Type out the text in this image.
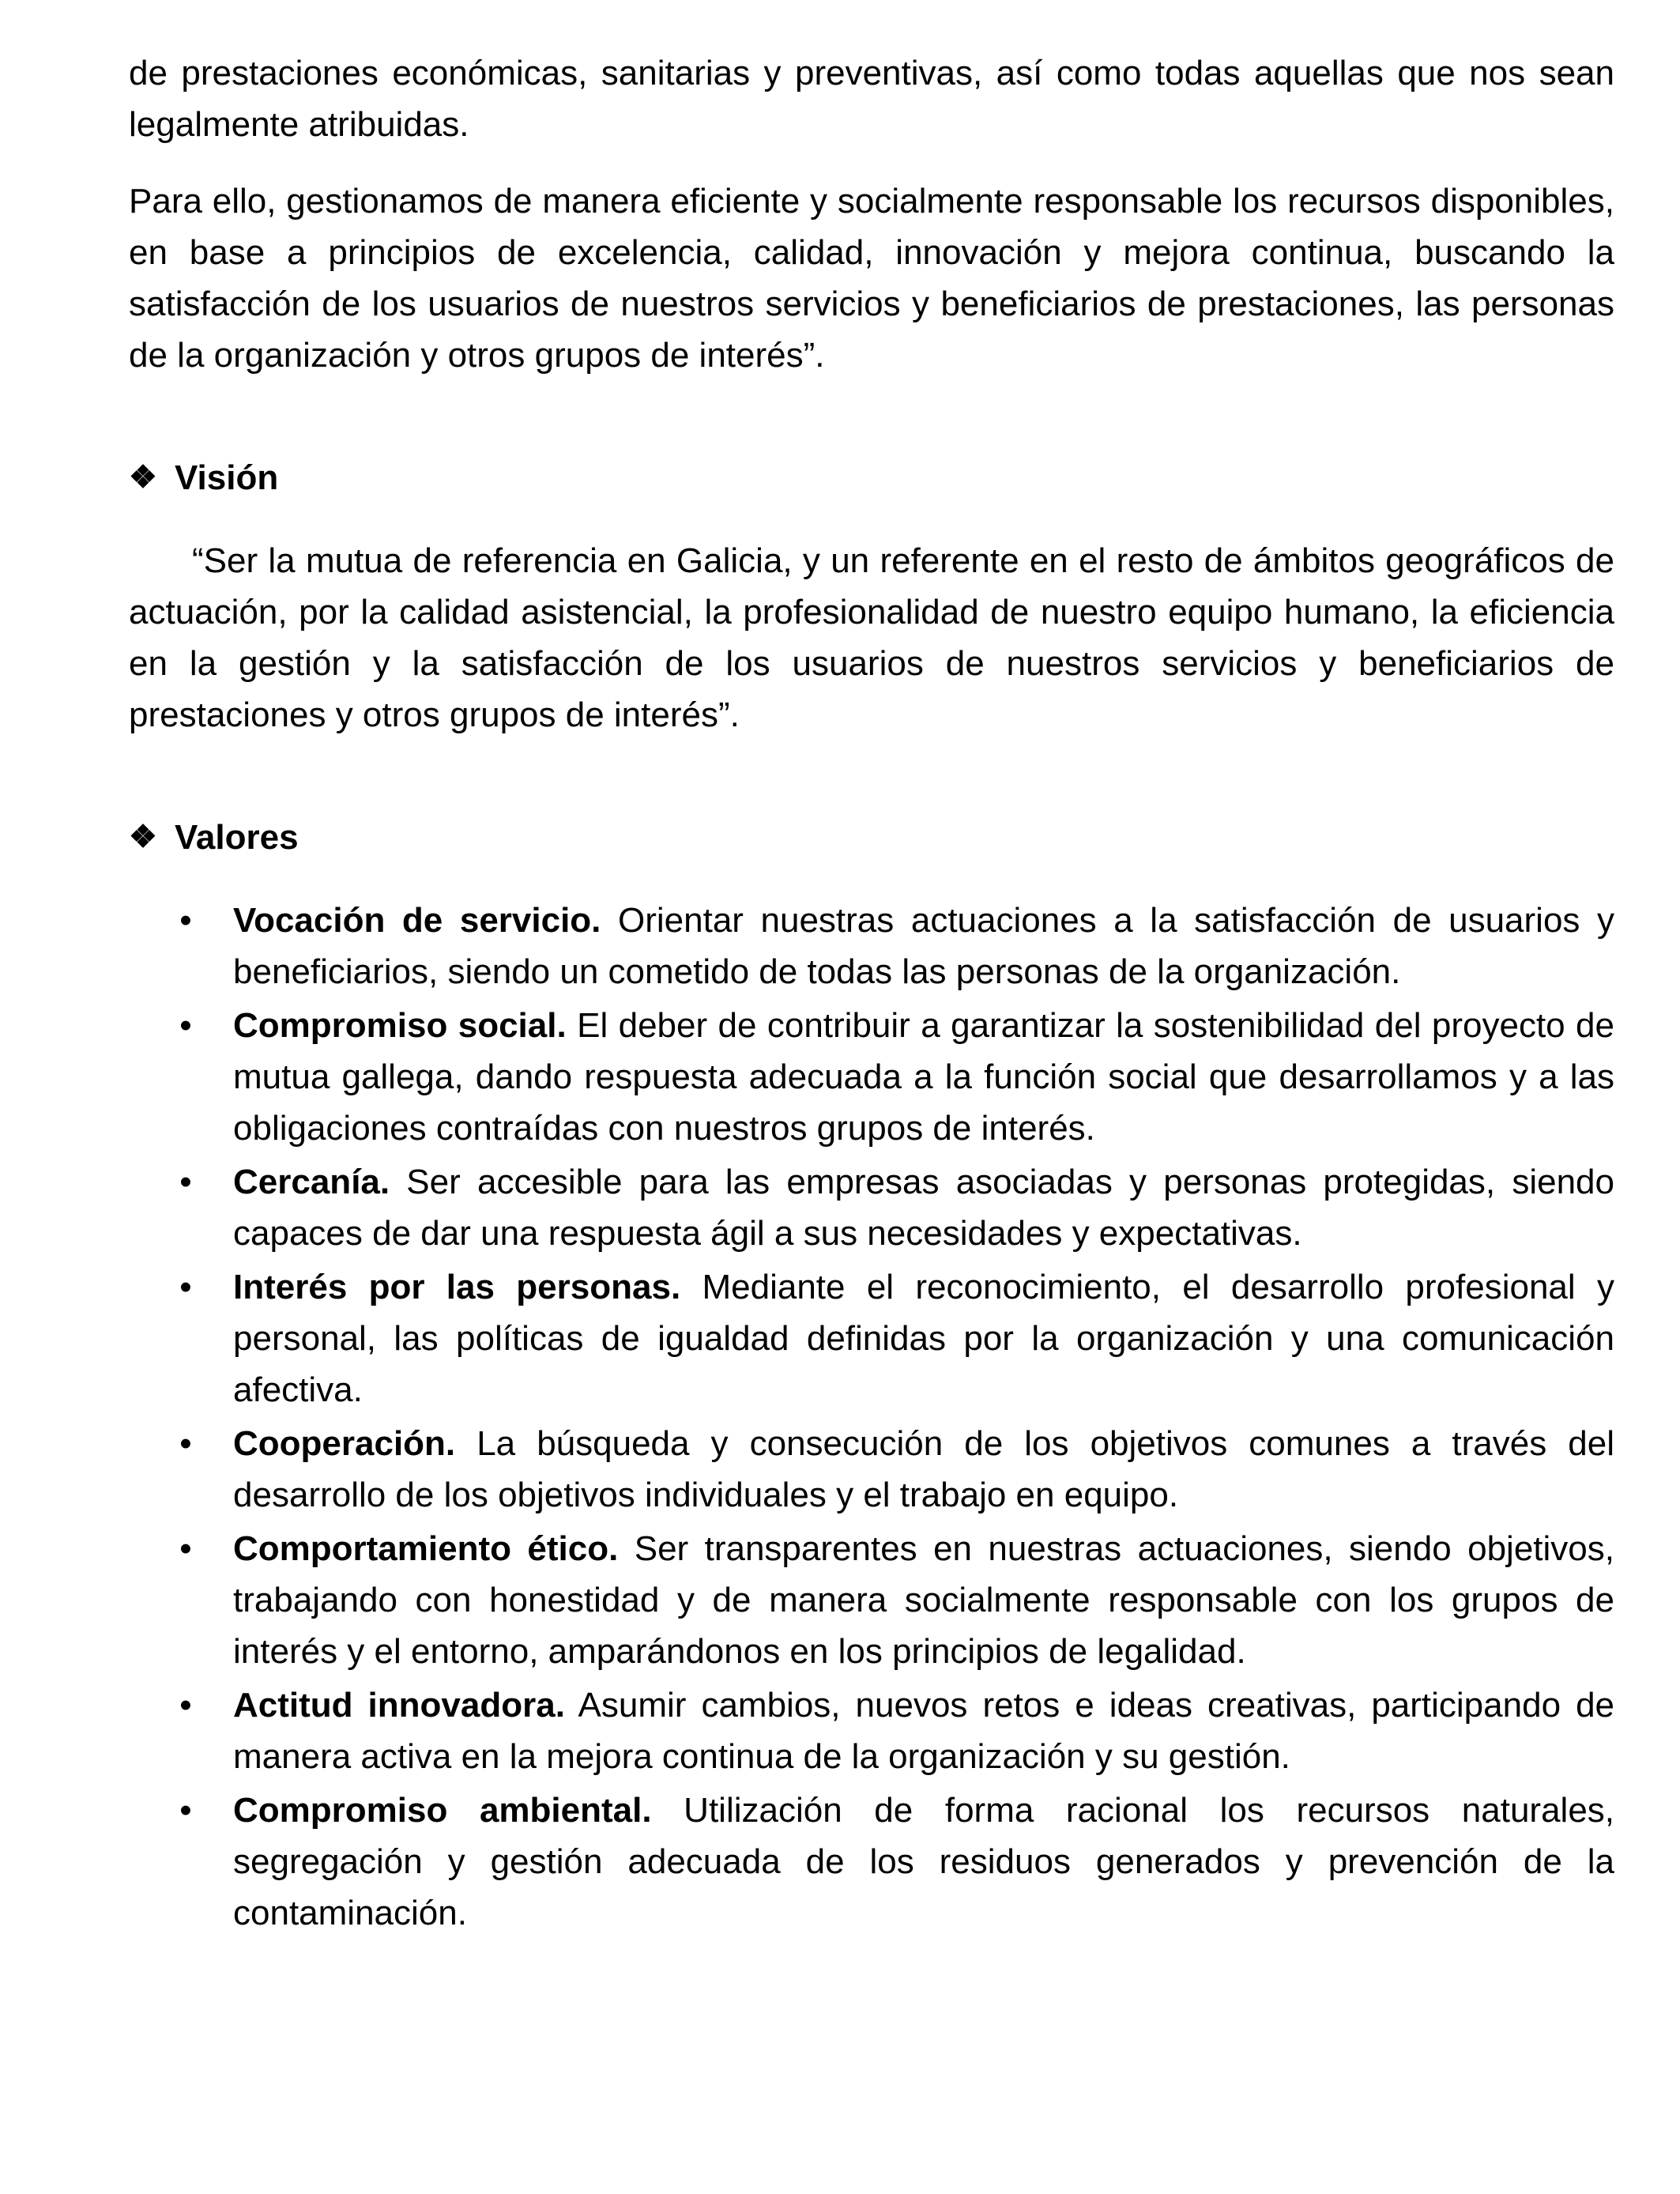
de prestaciones económicas, sanitarias y preventivas, así como todas aquellas que nos sean legalmente atribuidas.

Para ello, gestionamos de manera eficiente y socialmente responsable los recursos disponibles, en base a principios de excelencia, calidad, innovación y mejora continua, buscando la satisfacción de los usuarios de nuestros servicios y beneficiarios de prestaciones, las personas de la organización y otros grupos de interés”.

❖ Visión

“Ser la mutua de referencia en Galicia, y un referente en el resto de ámbitos geográficos de actuación, por la calidad asistencial, la profesionalidad de nuestro equipo humano, la eficiencia en la gestión y la satisfacción de los usuarios de nuestros servicios y beneficiarios de prestaciones y otros grupos de interés”.

❖ Valores
• Vocación de servicio. Orientar nuestras actuaciones a la satisfacción de usuarios y beneficiarios, siendo un cometido de todas las personas de la organización.
• Compromiso social. El deber de contribuir a garantizar la sostenibilidad del proyecto de mutua gallega, dando respuesta adecuada a la función social que desarrollamos y a las obligaciones contraídas con nuestros grupos de interés.
• Cercanía. Ser accesible para las empresas asociadas y personas protegidas, siendo capaces de dar una respuesta ágil a sus necesidades y expectativas.
• Interés por las personas. Mediante el reconocimiento, el desarrollo profesional y personal, las políticas de igualdad definidas por la organización y una comunicación afectiva.
• Cooperación. La búsqueda y consecución de los objetivos comunes a través del desarrollo de los objetivos individuales y el trabajo en equipo.
• Comportamiento ético. Ser transparentes en nuestras actuaciones, siendo objetivos, trabajando con honestidad y de manera socialmente responsable con los grupos de interés y el entorno, amparándonos en los principios de legalidad.
• Actitud innovadora. Asumir cambios, nuevos retos e ideas creativas, participando de manera activa en la mejora continua de la organización y su gestión.
• Compromiso ambiental. Utilización de forma racional los recursos naturales, segregación y gestión adecuada de los residuos generados y prevención de la contaminación.
